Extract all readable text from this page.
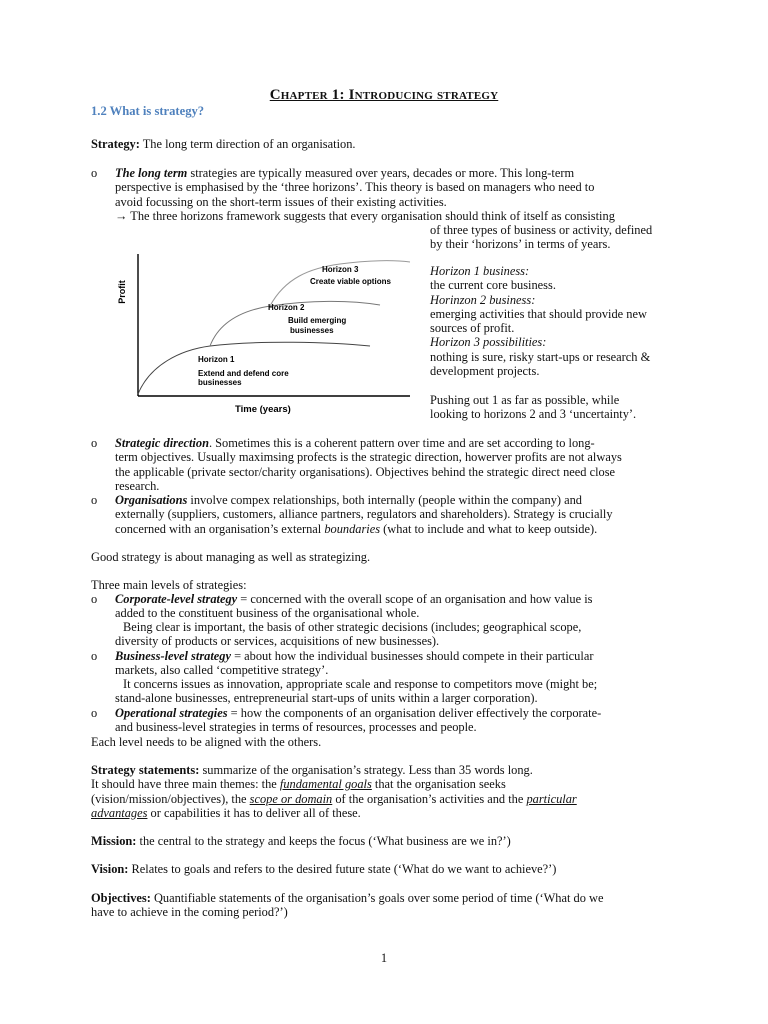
Chapter 1: Introducing strategy
1.2 What is strategy?
Strategy: The long term direction of an organisation.
o The long term strategies are typically measured over years, decades or more. This long-term
perspective is emphasised by the ‘three horizons’. This theory is based on managers who need to
avoid focussing on the short-term issues of their existing activities.
→ The three horizons framework suggests that every organisation should think of itself as consisting
of three types of business or activity, defined
by their ‘horizons’ in terms of years.
Profit
Time (years)
Horizon 3
Create viable options
Horizon 2
Build emerging
businesses
Horizon 1
Extend and defend core
businesses
Horizon 1 business:
the current core business.
Horinzon 2 business:
emerging activities that should provide new
sources of profit.
Horizon 3 possibilities:
nothing is sure, risky start-ups or research &
development projects.

Pushing out 1 as far as possible, while
looking to horizons 2 and 3 ‘uncertainty’.
o Strategic direction. Sometimes this is a coherent pattern over time and are set according to long-
term objectives. Usually maximsing profects is the strategic direction, howerver profits are not always
the applicable (private sector/charity organisations). Objectives behind the strategic direct need close
research.
o Organisations involve compex relationships, both internally (people within the company) and
externally (suppliers, customers, alliance partners, regulators and shareholders). Strategy is crucially
concerned with an organisation’s external boundaries (what to include and what to keep outside).
Good strategy is about managing as well as strategizing.
Three main levels of strategies:
o Corporate-level strategy = concerned with the overall scope of an organisation and how value is
added to the constituent business of the organisational whole.
Being clear is important, the basis of other strategic decisions (includes; geographical scope,
diversity of products or services, acquisitions of new businesses).
o Business-level strategy = about how the individual businesses should compete in their particular
markets, also called ‘competitive strategy’.
It concerns issues as innovation, appropriate scale and response to competitors move (might be;
stand-alone businesses, entrepreneurial start-ups of units within a larger corporation).
o Operational strategies = how the components of an organisation deliver effectively the corporate-
and business-level strategies in terms of resources, processes and people.
Each level needs to be aligned with the others.
Strategy statements: summarize of the organisation’s strategy. Less than 35 words long.
It should have three main themes: the fundamental goals that the organisation seeks
(vision/mission/objectives), the scope or domain of the organisation’s activities and the particular
advantages or capabilities it has to deliver all of these.
Mission: the central to the strategy and keeps the focus (‘What business are we in?’)
Vision: Relates to goals and refers to the desired future state (‘What do we want to achieve?’)
Objectives: Quantifiable statements of the organisation’s goals over some period of time (‘What do we
have to achieve in the coming period?’)
1
